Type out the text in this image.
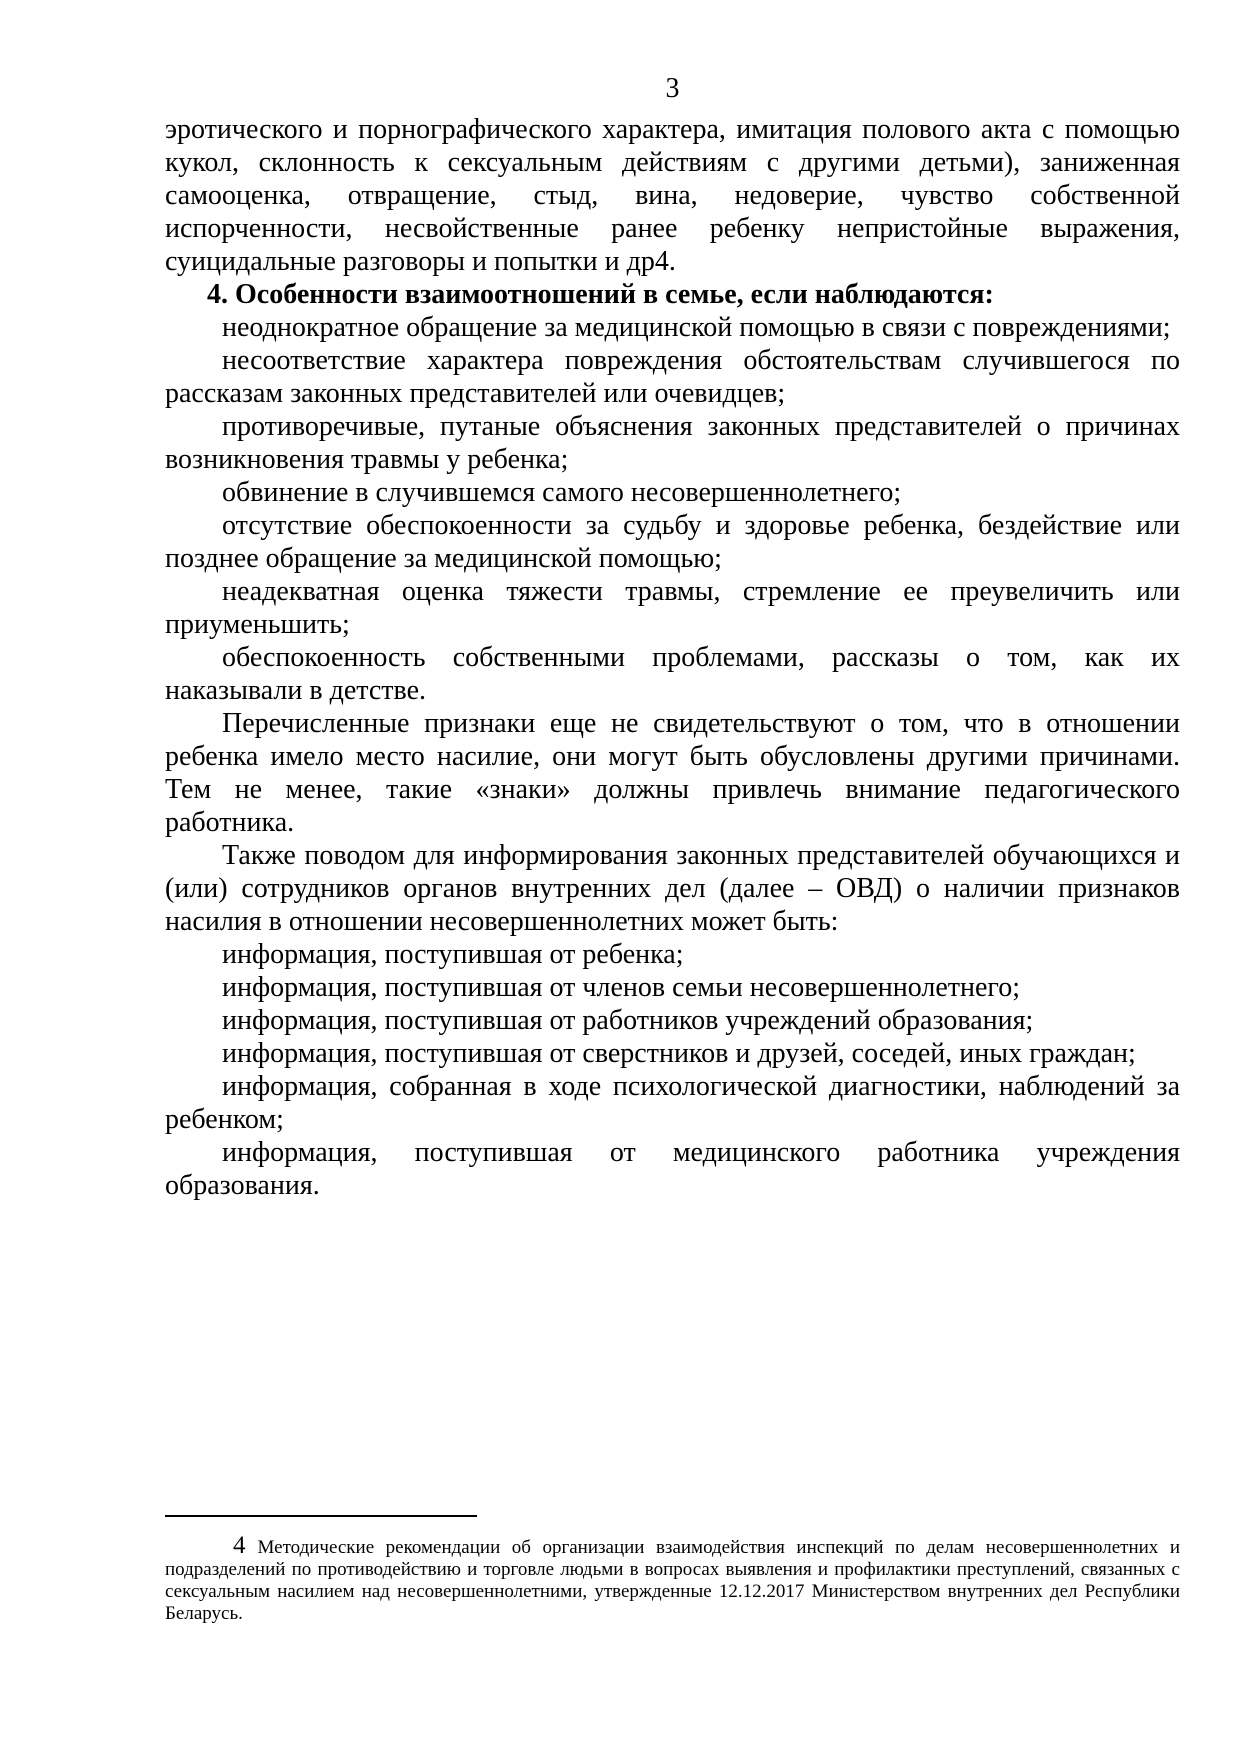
3

эротического и порнографического характера, имитация полового акта с помощью кукол, склонность к сексуальным действиям с другими детьми), заниженная самооценка, отвращение, стыд, вина, недоверие, чувство собственной испорченности, несвойственные ранее ребенку непристойные выражения, суицидальные разговоры и попытки и др4.

4. Особенности взаимоотношений в семье, если наблюдаются:

неоднократное обращение за медицинской помощью в связи с повреждениями;

несоответствие характера повреждения обстоятельствам случившегося по рассказам законных представителей или очевидцев;

противоречивые, путаные объяснения законных представителей о причинах возникновения травмы у ребенка;

обвинение в случившемся самого несовершеннолетнего;

отсутствие обеспокоенности за судьбу и здоровье ребенка, бездействие или позднее обращение за медицинской помощью;

неадекватная оценка тяжести травмы, стремление ее преувеличить или приуменьшить;

обеспокоенность собственными проблемами, рассказы о том, как их наказывали в детстве.

Перечисленные признаки еще не свидетельствуют о том, что в отношении ребенка имело место насилие, они могут быть обусловлены другими причинами. Тем не менее, такие «знаки» должны привлечь внимание педагогического работника.

Также поводом для информирования законных представителей обучающихся и (или) сотрудников органов внутренних дел (далее – ОВД) о наличии признаков насилия в отношении несовершеннолетних может быть:

информация, поступившая от ребенка;

информация, поступившая от членов семьи несовершеннолетнего;

информация, поступившая от работников учреждений образования;

информация, поступившая от сверстников и друзей, соседей, иных граждан;

информация, собранная в ходе психологической диагностики, наблюдений за ребенком;

информация, поступившая от медицинского работника учреждения образования.

4 Методические рекомендации об организации взаимодействия инспекций по делам несовершеннолетних и подразделений по противодействию и торговле людьми в вопросах выявления и профилактики преступлений, связанных с сексуальным насилием над несовершеннолетними, утвержденные 12.12.2017 Министерством внутренних дел Республики Беларусь.
